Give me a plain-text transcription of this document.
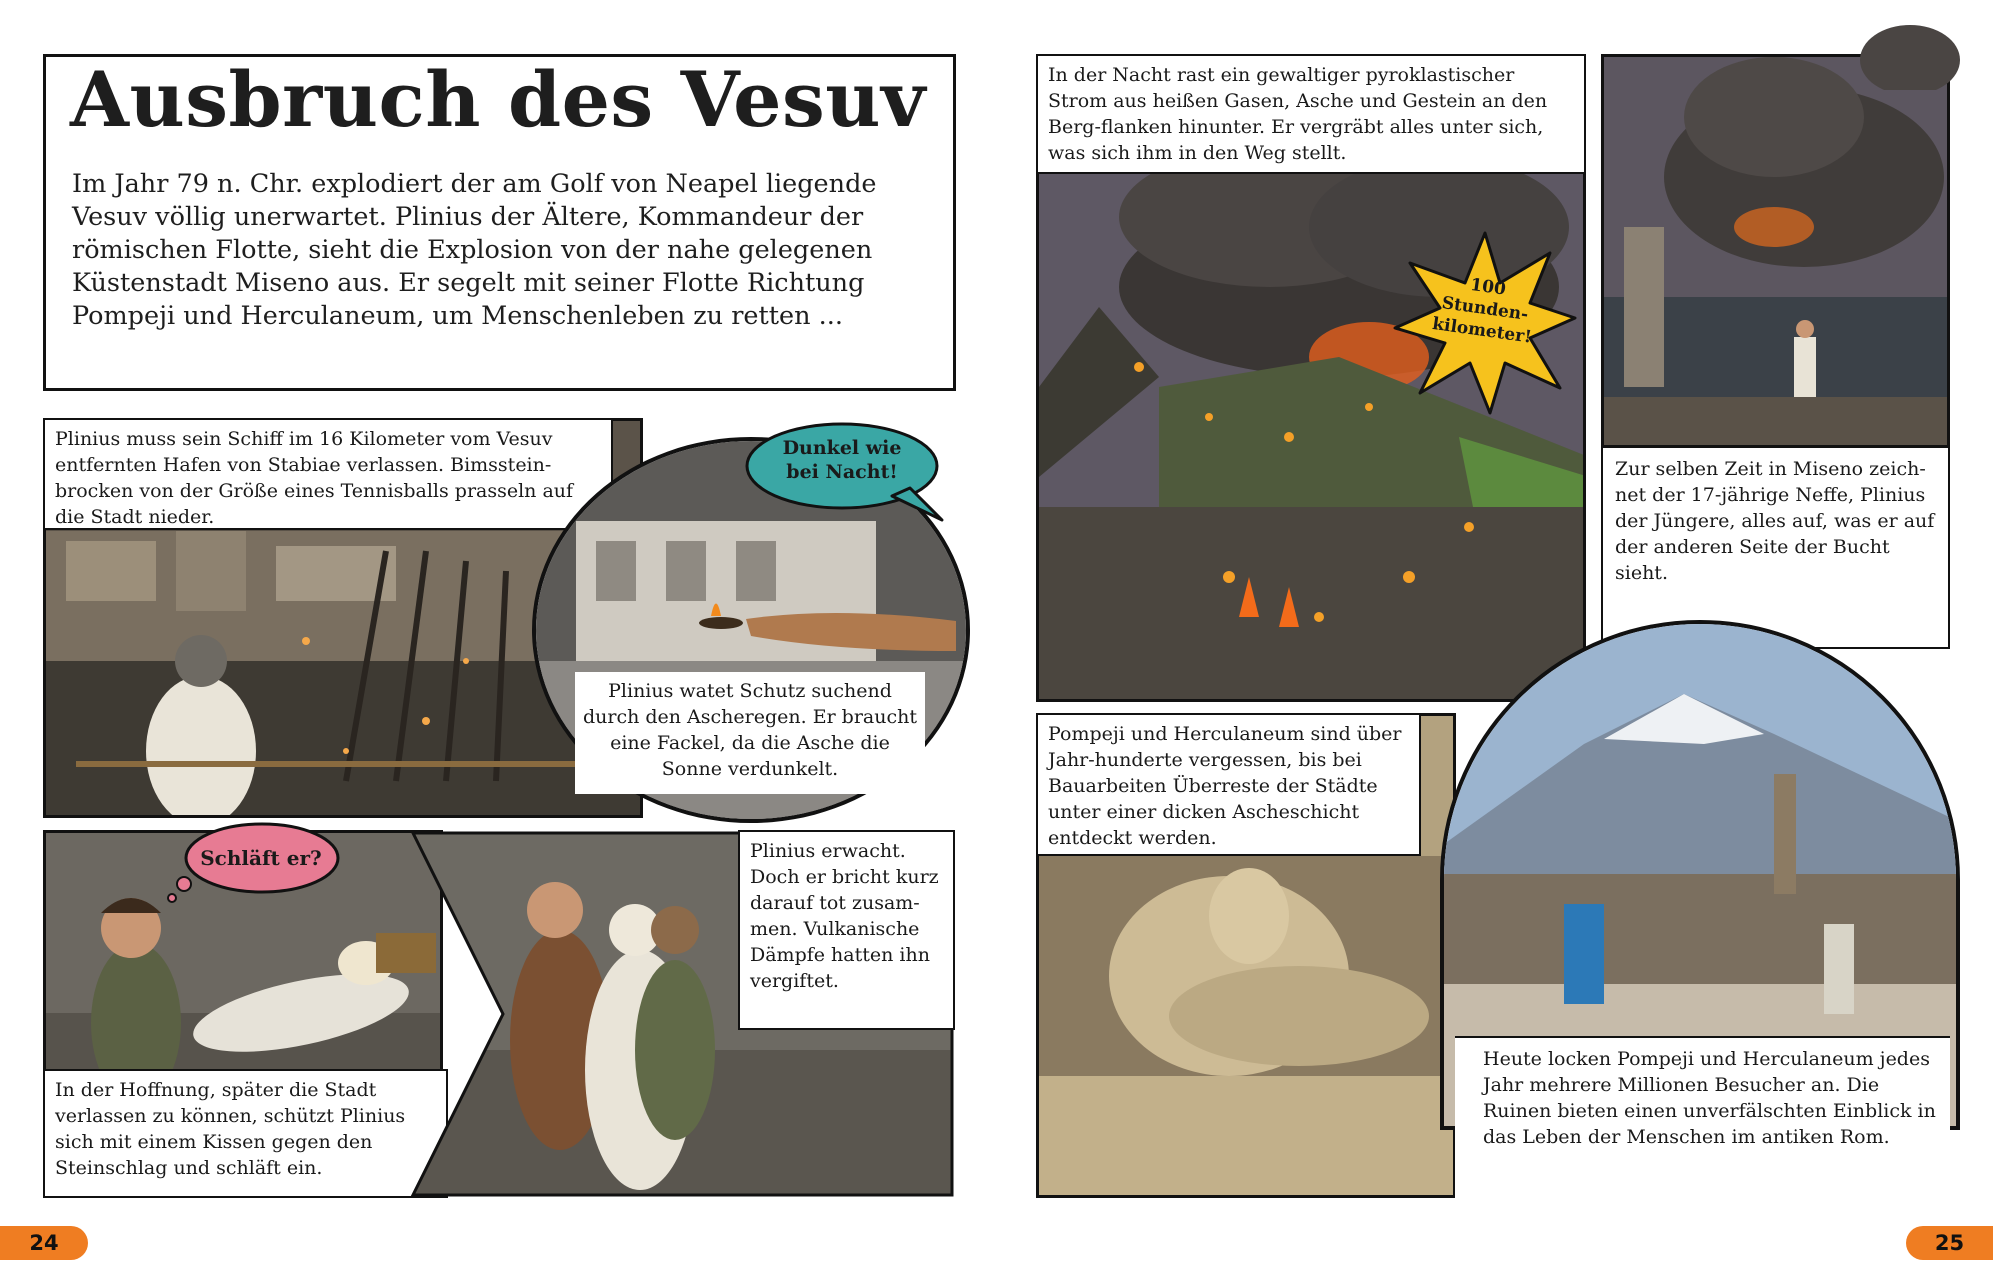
Ausbruch des Vesuv
Im Jahr 79 n. Chr. explodiert der am Golf von Neapel liegende Vesuv völlig unerwartet. Plinius der Ältere, Kommandeur der römischen Flotte, sieht die Explosion von der nahe gelegenen Küstenstadt Miseno aus. Er segelt mit seiner Flotte Richtung Pompeji und Herculaneum, um Menschenleben zu retten ...
Plinius muss sein Schiff im 16 Kilometer vom Vesuv entfernten Hafen von Stabiae verlassen. Bimsstein-brocken von der Größe eines Tennisballs prasseln auf die Stadt nieder.
Plinius watet Schutz suchend durch den Ascheregen. Er braucht eine Fackel, da die Asche die Sonne verdunkelt.
Dunkel wie bei Nacht!
Schläft er?
In der Hoffnung, später die Stadt verlassen zu können, schützt Plinius sich mit einem Kissen gegen den Steinschlag und schläft ein.
Plinius erwacht. Doch er bricht kurz darauf tot zusam-men. Vulkanische Dämpfe hatten ihn vergiftet.
24
In der Nacht rast ein gewaltiger pyroklastischer Strom aus heißen Gasen, Asche und Gestein an den Berg-flanken hinunter. Er vergräbt alles unter sich, was sich ihm in den Weg stellt.
100 Stunden-kilometer!
Zur selben Zeit in Miseno zeich-net der 17-jährige Neffe, Plinius der Jüngere, alles auf, was er auf der anderen Seite der Bucht sieht.
Pompeji und Herculaneum sind über Jahr-hunderte vergessen, bis bei Bauarbeiten Überreste der Städte unter einer dicken Ascheschicht entdeckt werden.
Heute locken Pompeji und Herculaneum jedes Jahr mehrere Millionen Besucher an. Die Ruinen bieten einen unverfälschten Einblick in das Leben der Menschen im antiken Rom.
25
